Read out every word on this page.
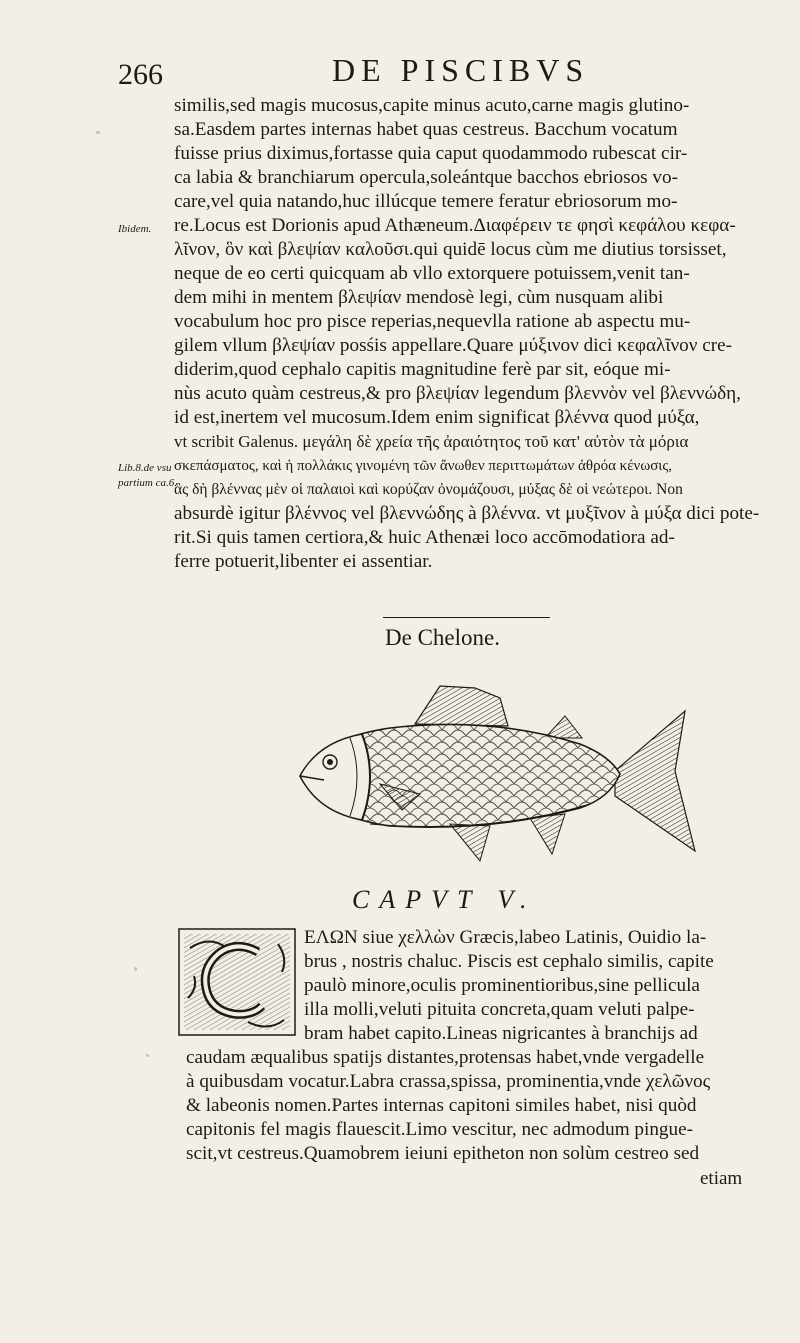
266	DE PISCIBVS
Ibidem.
Lib.8.de vsu
partium ca.6.
similis,sed magis mucosus,capite minus acuto,carne magis glutino-
sa.Easdem partes internas habet quas cestreus. Bacchum vocatum
fuisse prius diximus,fortasse quia caput quodammodo rubescat cir-
ca labia & branchiarum opercula,soleántque bacchos ebriosos vo-
care,vel quia natando,huc illúcque temere feratur ebriosorum mo-
re.Locus est Dorionis apud Athæneum.Διαφέρειν τε φησὶ κεφάλου κεφα-
λῖνον, ὃν καὶ βλεψίαν καλοῦσι.qui quidē locus cùm me diutius torsisset,
neque de eo certi quicquam ab vllo extorquere potuissem,venit tan-
dem mihi in mentem βλεψίαν mendosè legi, cùm nusquam alibi
vocabulum hoc pro pisce reperias,nequevlla ratione ab aspectu mu-
gilem vllum βλεψίαν posśis appellare.Quare μύξινον dici κεφαλῖνον cre-
diderim,quod cephalo capitis magnitudine ferè par sit, eóque mi-
nùs acuto quàm cestreus,& pro βλεψίαν legendum βλεννὸν vel βλεννώδη,
id est,inertem vel mucosum.Idem enim significat βλέννα quod μύξα,
vt scribit Galenus. μεγάλη δὲ χρεία τῆς ἀραιότητος τοῦ κατ' αὐτὸν τὰ μόρια
σκεπάσματος, καὶ ἡ πολλάκις γινομένη τῶν ἄνωθεν περιττωμάτων ἀθρόα κένωσις,
ἃς δὴ βλέννας μὲν οἱ παλαιοὶ καὶ κορύζαν ὀνομάζουσι, μύξας δὲ οἱ νεώτεροι. Non
absurdè igitur βλέννος vel βλεννώδης à βλέννα. vt μυξῖνον à μύξα dici pote-
rit.Si quis tamen certiora,& huic Athenæi loco accōmodatiora ad-
ferre potuerit,libenter ei assentiar.
De Chelone.
CAPVT V.
ΕΛΩΝ siue χελλὼν Græcis,labeo Latinis, Ouidio la-
brus , nostris chaluc. Piscis est cephalo similis, capite
paulò minore,oculis prominentioribus,sine pellicula
illa molli,veluti pituita concreta,quam veluti palpe-
bram habet capito.Lineas nigricantes à branchijs ad
caudam æqualibus spatijs distantes,protensas habet,vnde vergadelle
à quibusdam vocatur.Labra crassa,spissa, prominentia,vnde χελῶνος
& labeonis nomen.Partes internas capitoni similes habet, nisi quòd
capitonis fel magis flauescit.Limo vescitur, nec admodum pingue-
scit,vt cestreus.Quamobrem ieiuni epitheton non solùm cestreo sed
etiam
